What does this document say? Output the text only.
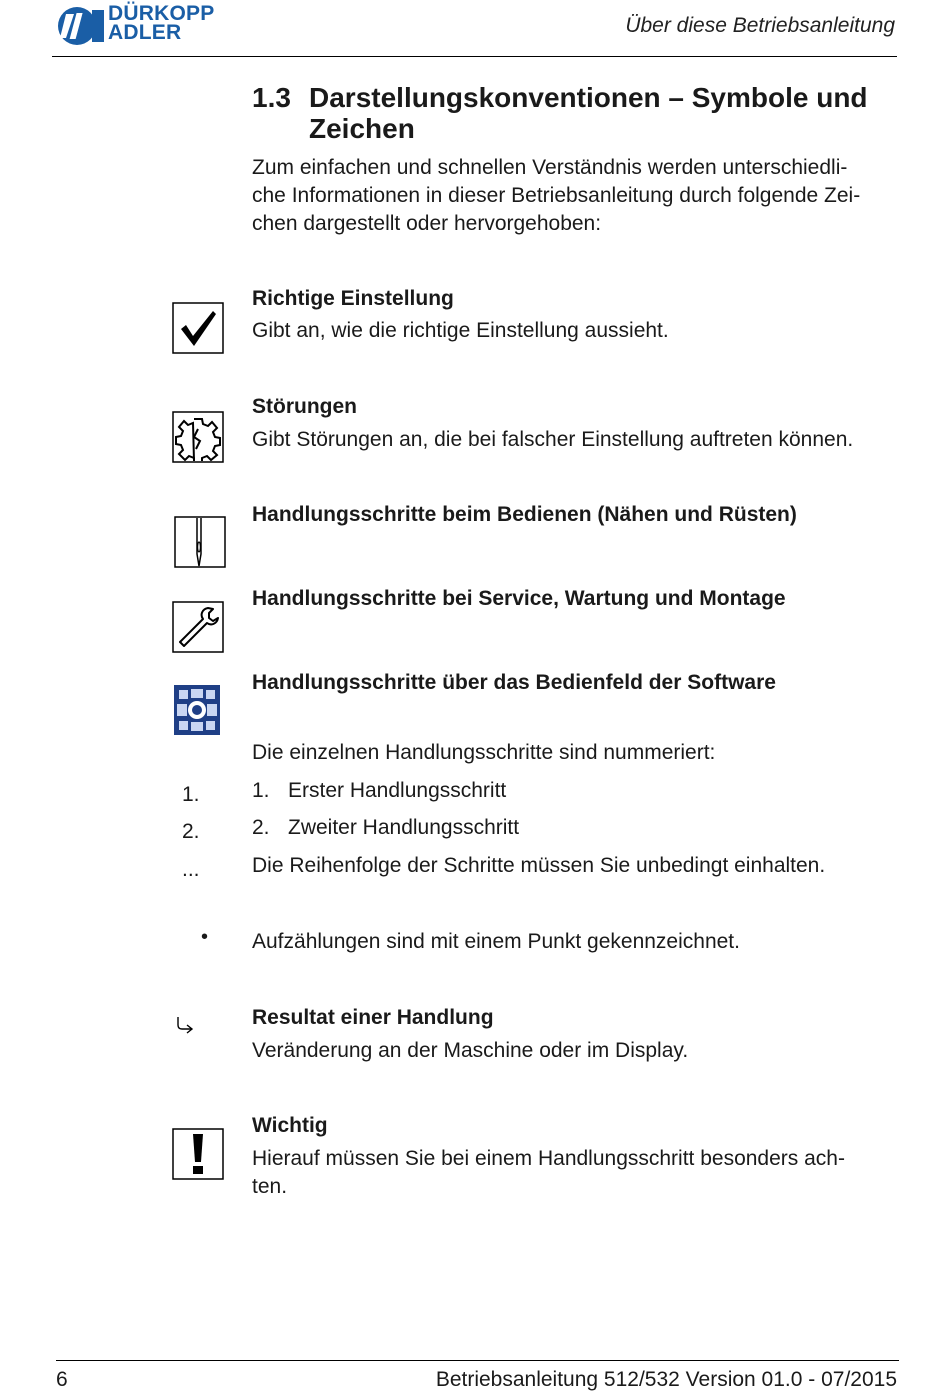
DÜRKOPP
ADLER	Über diese Betriebsanleitung
1.3 Darstellungskonventionen – Symbole und
Zeichen
Zum einfachen und schnellen Verständnis werden unterschiedli-
che Informationen in dieser Betriebsanleitung durch folgende Zei-
chen dargestellt oder hervorgehoben:
Richtige Einstellung
Gibt an, wie die richtige Einstellung aussieht.
Störungen
Gibt Störungen an, die bei falscher Einstellung auftreten können.
Handlungsschritte beim Bedienen (Nähen und Rüsten)
Handlungsschritte bei Service, Wartung und Montage
Handlungsschritte über das Bedienfeld der Software
Die einzelnen Handlungsschritte sind nummeriert:
1.
2.
...
1. Erster Handlungsschritt
2. Zweiter Handlungsschritt
Die Reihenfolge der Schritte müssen Sie unbedingt einhalten.
• Aufzählungen sind mit einem Punkt gekennzeichnet.
Resultat einer Handlung
Veränderung an der Maschine oder im Display.
Wichtig
Hierauf müssen Sie bei einem Handlungsschritt besonders ach-
ten.
6	Betriebsanleitung 512/532 Version 01.0 - 07/2015
